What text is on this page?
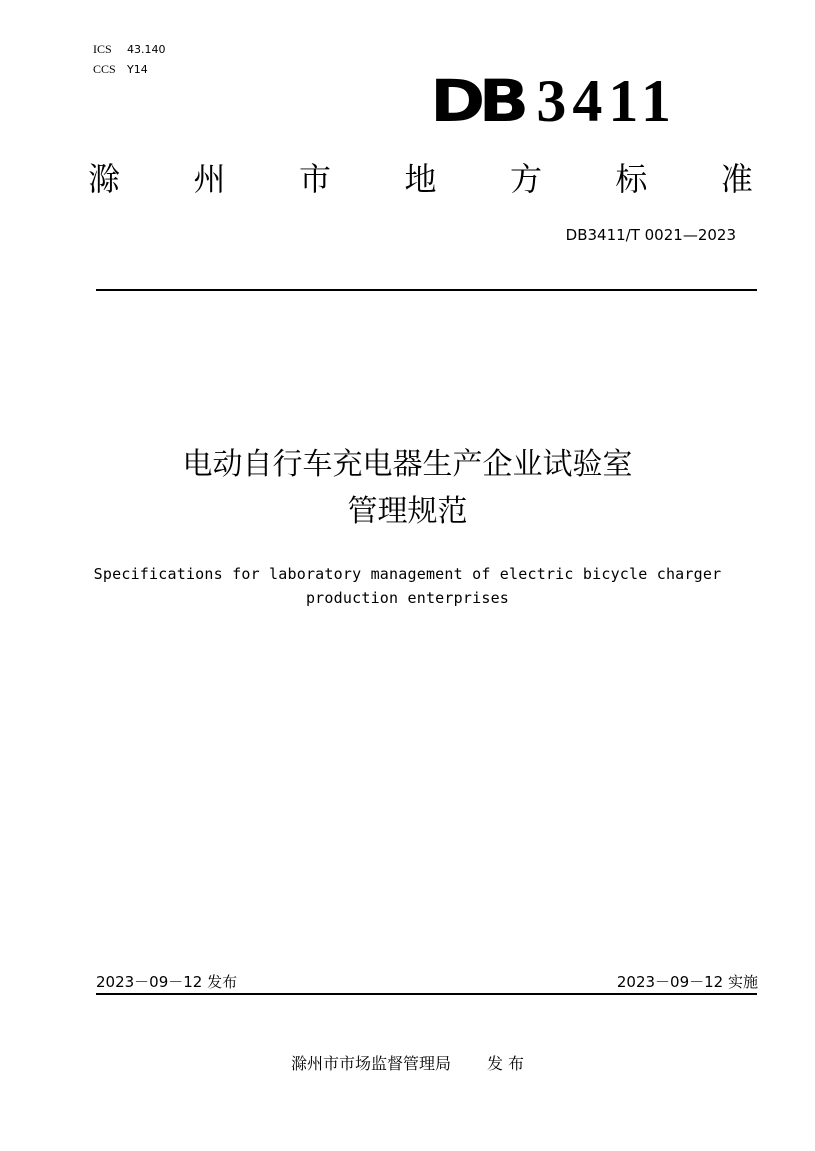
ICS 43.140
CCS Y14	DB 3411
滁 州 市 地 方 标 准
DB3411/T 0021—2023
电动自行车充电器生产企业试验室
管理规范
Specifications for laboratory management of electric bicycle charger
production enterprises
2023－09－12 发布	2023－09－12 实施
滁州市市场监督管理局 发 布
